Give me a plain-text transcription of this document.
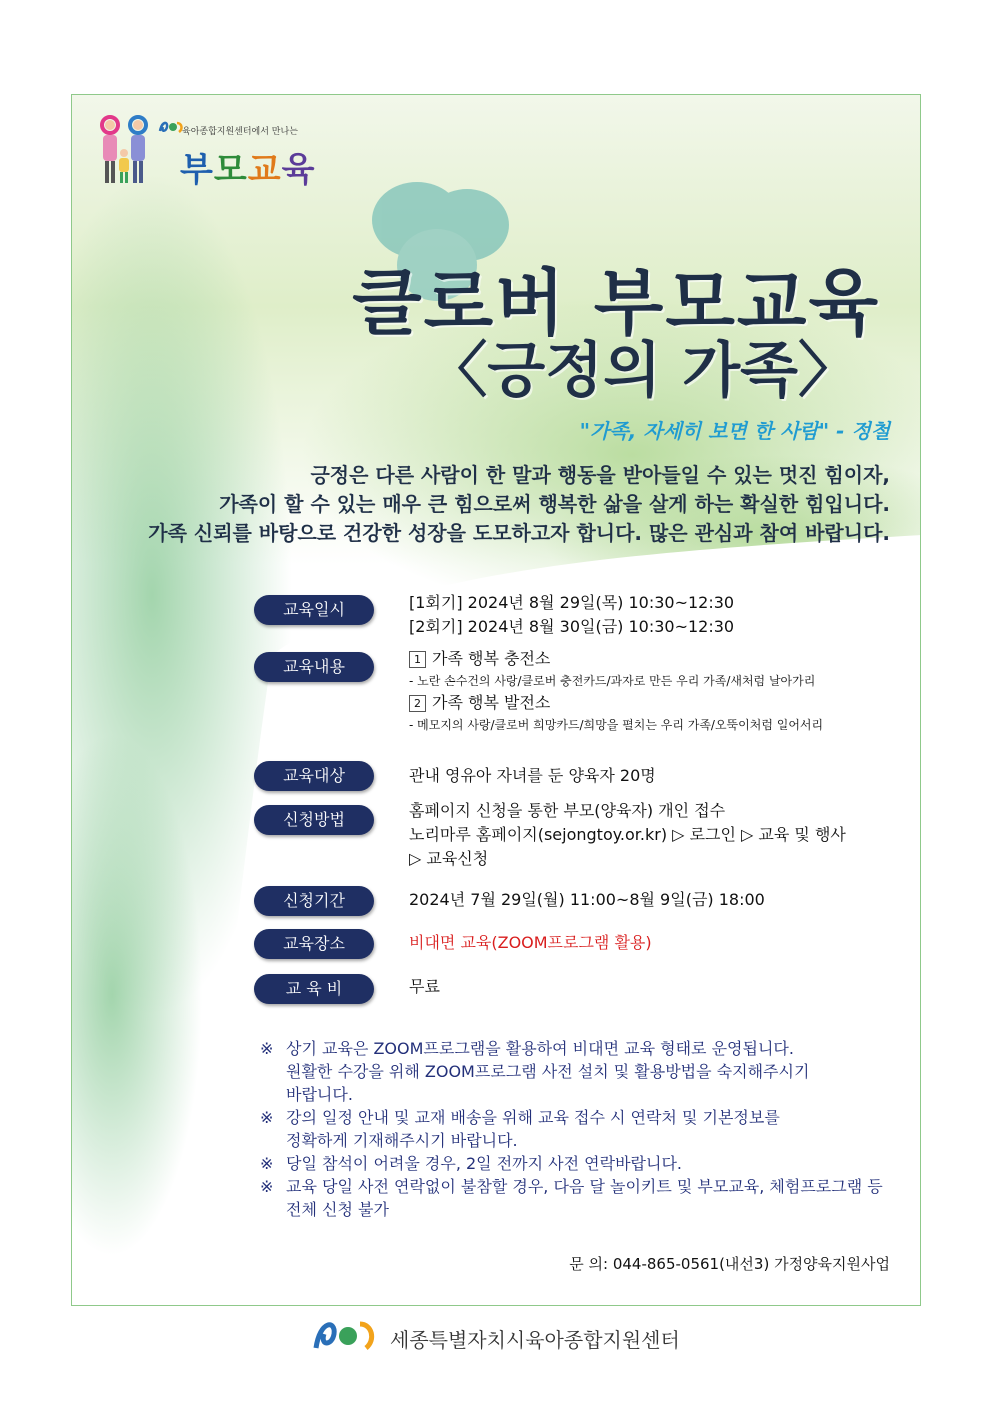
육아종합지원센터에서 만나는
부모교육
클로버 부모교육
〈긍정의 가족〉
"가족, 자세히 보면 한 사람" - 정철
긍정은 다른 사람이 한 말과 행동을 받아들일 수 있는 멋진 힘이자,
가족이 할 수 있는 매우 큰 힘으로써 행복한 삶을 살게 하는 확실한 힘입니다.
가족 신뢰를 바탕으로 건강한 성장을 도모하고자 합니다. 많은 관심과 참여 바랍니다.
교육일시	[1회기] 2024년 8월 29일(목) 10:30~12:30
[2회기] 2024년 8월 30일(금) 10:30~12:30
교육내용	1 가족 행복 충전소
- 노란 손수건의 사랑/클로버 충전카드/과자로 만든 우리 가족/새처럼 날아가리
2 가족 행복 발전소
- 메모지의 사랑/클로버 희망카드/희망을 펼치는 우리 가족/오뚝이처럼 일어서리
교육대상	관내 영유아 자녀를 둔 양육자 20명
신청방법	홈페이지 신청을 통한 부모(양육자) 개인 접수
노리마루 홈페이지(sejongtoy.or.kr) ▷ 로그인 ▷ 교육 및 행사
▷ 교육신청
신청기간	2024년 7월 29일(월) 11:00~8월 9일(금) 18:00
교육장소	비대면 교육(ZOOM프로그램 활용)
교 육 비	무료
※ 상기 교육은 ZOOM프로그램을 활용하여 비대면 교육 형태로 운영됩니다.
원활한 수강을 위해 ZOOM프로그램 사전 설치 및 활용방법을 숙지해주시기
바랍니다.
※ 강의 일정 안내 및 교재 배송을 위해 교육 접수 시 연락처 및 기본정보를
정확하게 기재해주시기 바랍니다.
※ 당일 참석이 어려울 경우, 2일 전까지 사전 연락바랍니다.
※ 교육 당일 사전 연락없이 불참할 경우, 다음 달 놀이키트 및 부모교육, 체험프로그램 등
전체 신청 불가
문 의: 044-865-0561(내선3) 가정양육지원사업
세종특별자치시육아종합지원센터
